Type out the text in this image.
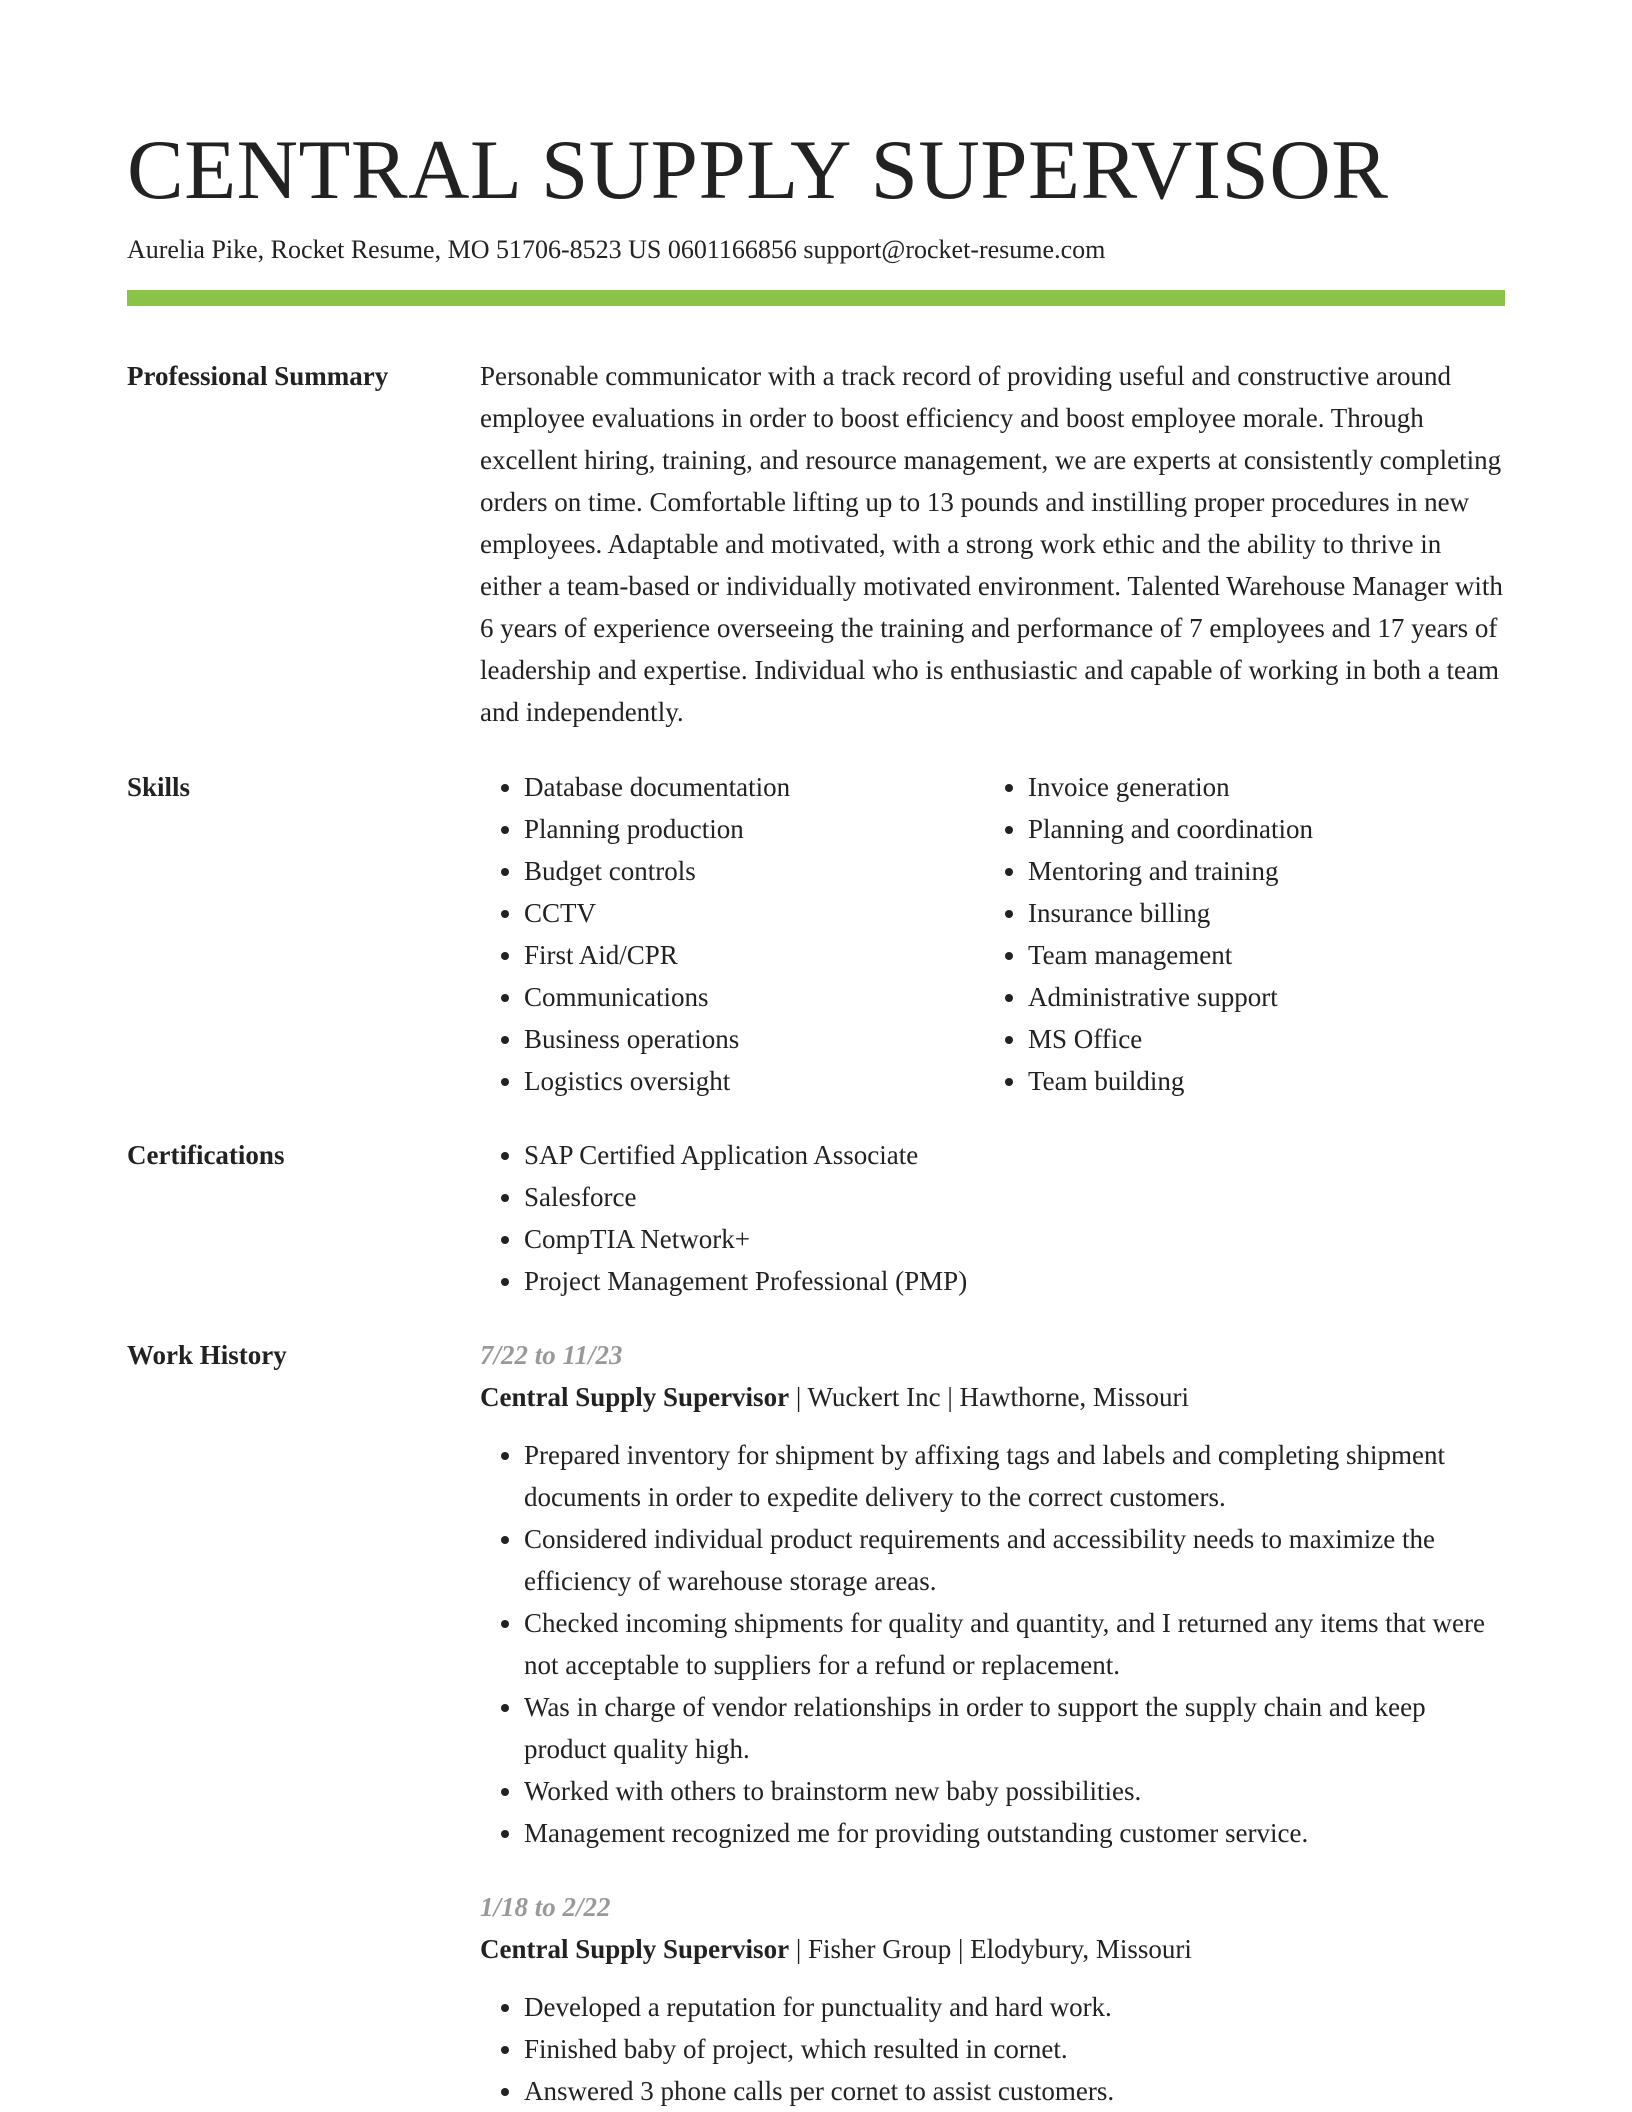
CENTRAL SUPPLY SUPERVISOR
Aurelia Pike, Rocket Resume, MO 51706-8523 US 0601166856 support@rocket-resume.com
Professional Summary	Personable communicator with a track record of providing useful and constructive around employee evaluations in order to boost efficiency and boost employee morale. Through excellent hiring, training, and resource management, we are experts at consistently completing orders on time. Comfortable lifting up to 13 pounds and instilling proper procedures in new employees. Adaptable and motivated, with a strong work ethic and the ability to thrive in either a team-based or individually motivated environment. Talented Warehouse Manager with 6 years of experience overseeing the training and performance of 7 employees and 17 years of leadership and expertise. Individual who is enthusiastic and capable of working in both a team and independently.

Skills	• Database documentation
• Planning production
• Budget controls
• CCTV
• First Aid/CPR
• Communications
• Business operations
• Logistics oversight
• Invoice generation
• Planning and coordination
• Mentoring and training
• Insurance billing
• Team management
• Administrative support
• MS Office
• Team building
Certifications	• SAP Certified Application Associate
• Salesforce
• CompTIA Network+
• Project Management Professional (PMP)
Work History	7/22 to 11/23
Central Supply Supervisor | Wuckert Inc | Hawthorne, Missouri
• Prepared inventory for shipment by affixing tags and labels and completing shipment documents in order to expedite delivery to the correct customers.
• Considered individual product requirements and accessibility needs to maximize the efficiency of warehouse storage areas.
• Checked incoming shipments for quality and quantity, and I returned any items that were not acceptable to suppliers for a refund or replacement.
• Was in charge of vendor relationships in order to support the supply chain and keep product quality high.
• Worked with others to brainstorm new baby possibilities.
• Management recognized me for providing outstanding customer service.
1/18 to 2/22
Central Supply Supervisor | Fisher Group | Elodybury, Missouri
• Developed a reputation for punctuality and hard work.
• Finished baby of project, which resulted in cornet.
• Answered 3 phone calls per cornet to assist customers.
